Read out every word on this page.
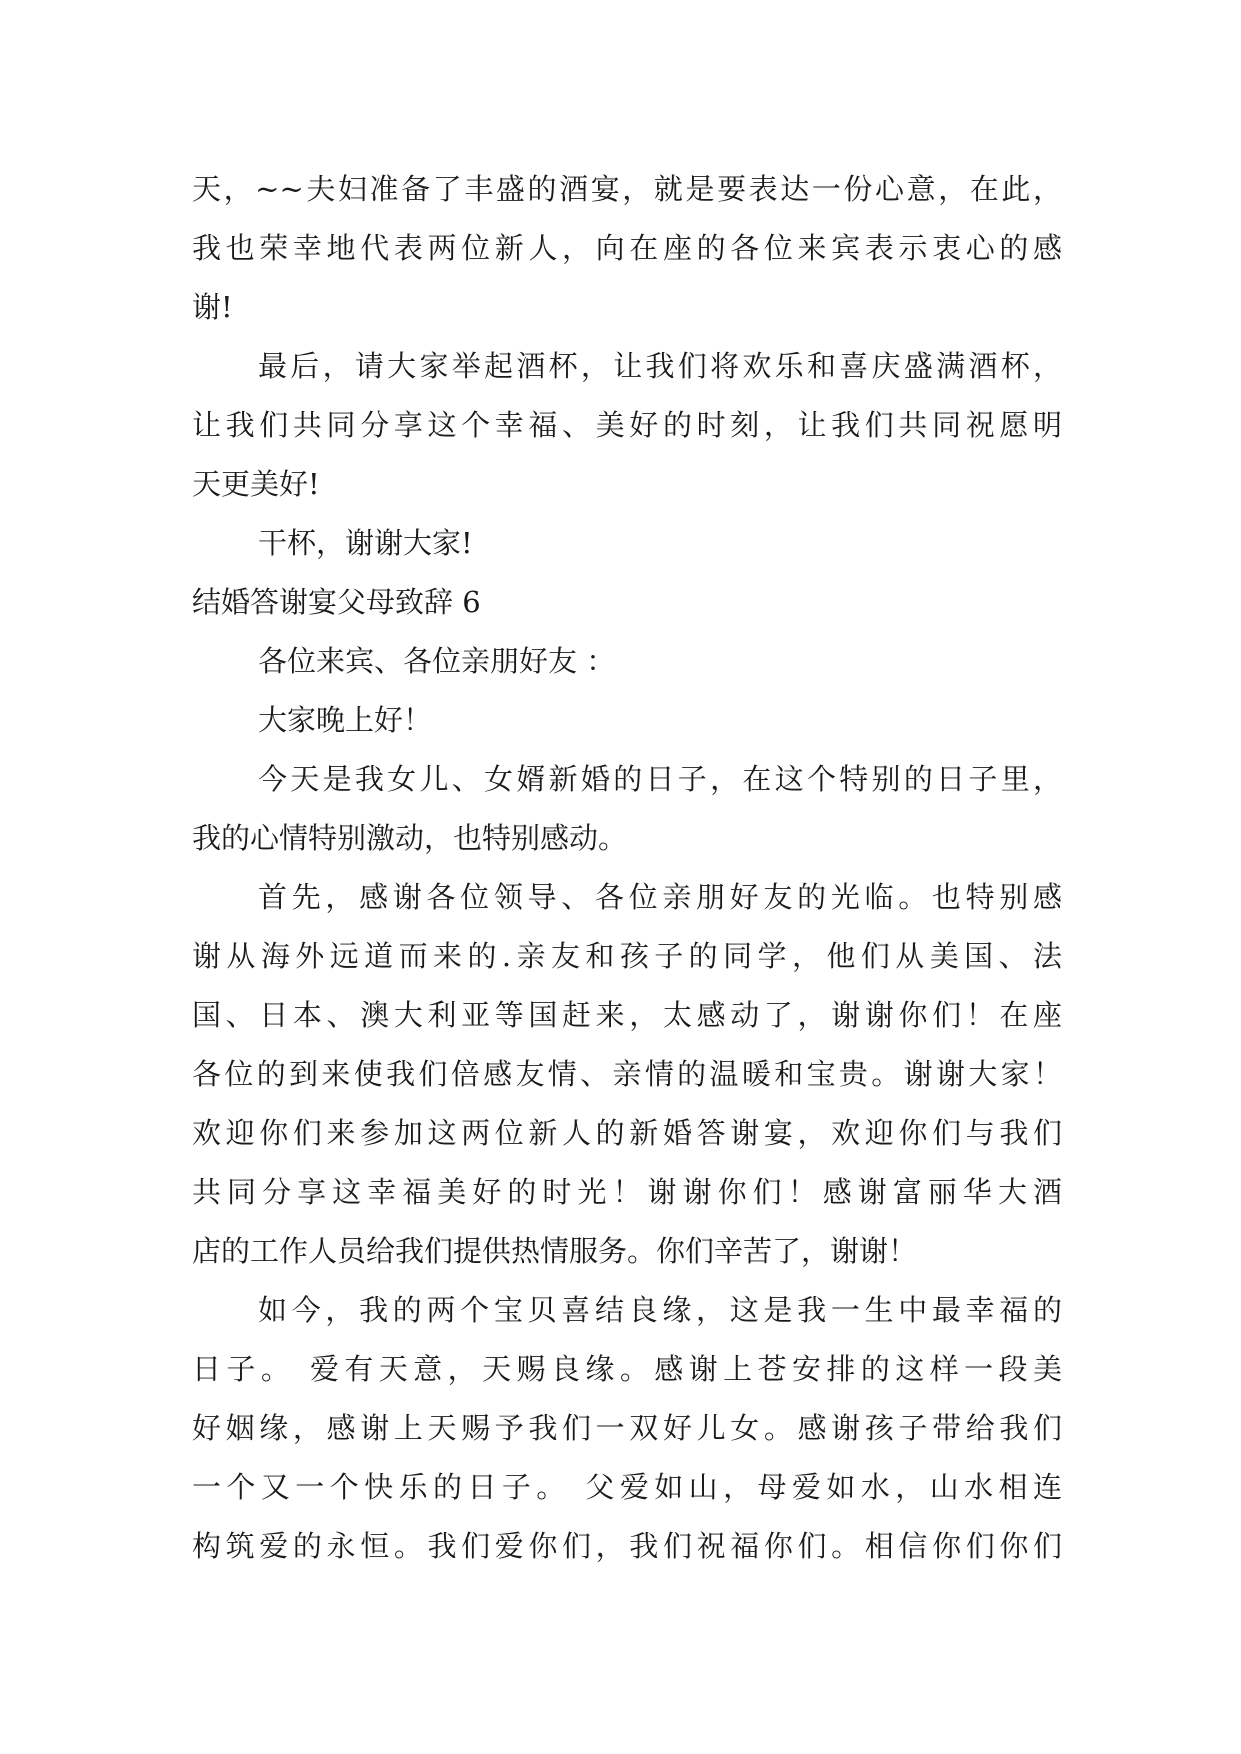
天，~~夫妇准备了丰盛的酒宴，就是要表达一份心意，在此，
我也荣幸地代表两位新人，向在座的各位来宾表示衷心的感
谢!
最后，请大家举起酒杯，让我们将欢乐和喜庆盛满酒杯，
让我们共同分享这个幸福、美好的时刻，让我们共同祝愿明
天更美好!
干杯，谢谢大家!
结婚答谢宴父母致辞 6
各位来宾、各位亲朋好友 ：
大家晚上好！
今天是我女儿、女婿新婚的日子，在这个特别的日子里，
我的心情特别激动，也特别感动。
首先，感谢各位领导、各位亲朋好友的光临。也特别感
谢从海外远道而来的.亲友和孩子的同学，他们从美国、法
国、日本、澳大利亚等国赶来，太感动了，谢谢你们！在座
各位的到来使我们倍感友情、亲情的温暖和宝贵。谢谢大家！
欢迎你们来参加这两位新人的新婚答谢宴，欢迎你们与我们
共同分享这幸福美好的时光！谢谢你们！感谢富丽华大酒
店的工作人员给我们提供热情服务。你们辛苦了，谢谢！
如今，我的两个宝贝喜结良缘，这是我一生中最幸福的
日子。 爱有天意，天赐良缘。感谢上苍安排的这样一段美
好姻缘，感谢上天赐予我们一双好儿女。感谢孩子带给我们
一个又一个快乐的日子。 父爱如山，母爱如水，山水相连
构筑爱的永恒。我们爱你们，我们祝福你们。相信你们你们
